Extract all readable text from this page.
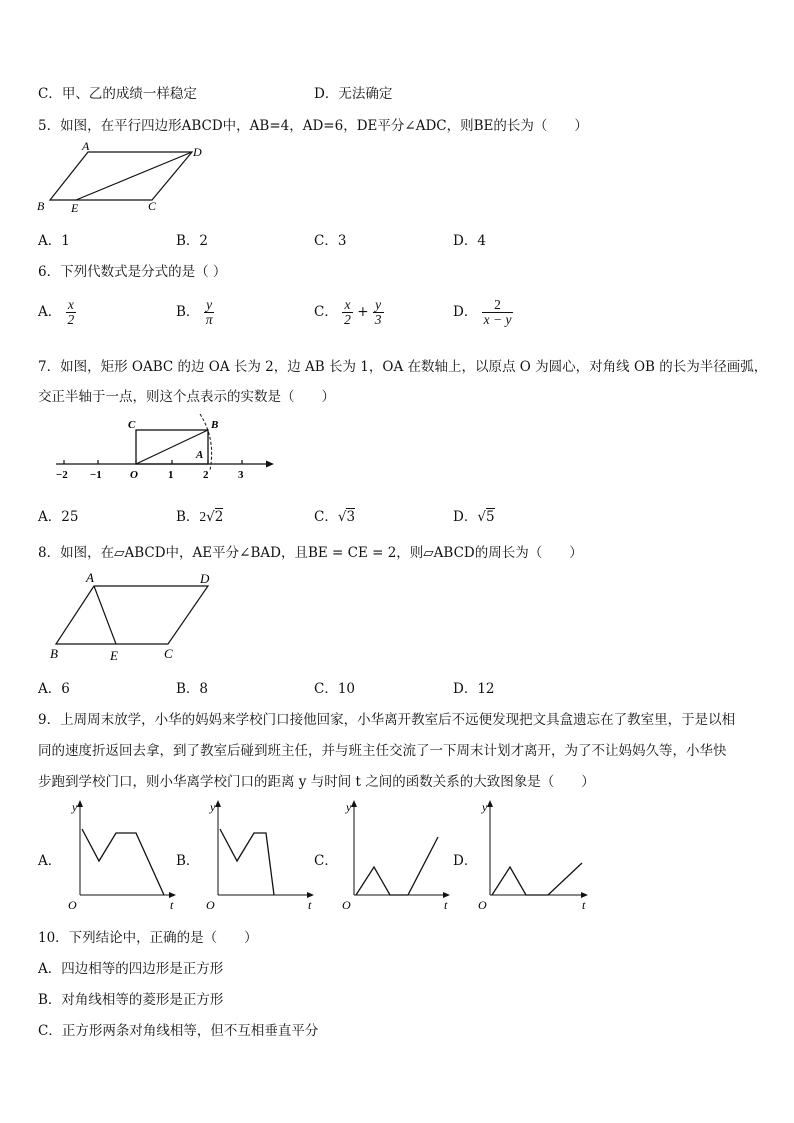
C．甲、乙的成绩一样稳定	D．无法确定
5．如图，在平行四边形ABCD中，AB=4，AD=6，DE平分∠ADC，则BE的长为（　　）
A	D
B E	C
A．1	B．2	C．3	D．4
6．下列代数式是分式的是（ ）
A． $\frac{x}{2}$	B． $\frac{y}{\pi}$	C． $\frac{x}{2} + \frac{y}{3}$	D． $\frac{2}{x - y}$
7．如图，矩形 OABC 的边 OA 长为 2，边 AB 长为 1，OA 在数轴上，以原点 O 为圆心，对角线 OB 的长为半径画弧，
交正半轴于一点，则这个点表示的实数是（　　）
C	B
A
−2 −1	O	1	2	3
A．25	B．2√2	C．√3	D．√5
8．如图，在▱ABCD中，AE平分∠BAD，且BE = CE = 2，则▱ABCD的周长为（　　）
A	D
B	E	C
A．6	B．8	C．10	D．12
9．上周周末放学，小华的妈妈来学校门口接他回家，小华离开教室后不远便发现把文具盒遗忘在了教室里，于是以相
同的速度折返回去拿，到了教室后碰到班主任，并与班主任交流了一下周末计划才离开，为了不让妈妈久等，小华快
步跑到学校门口，则小华离学校门口的距离 y 与时间 t 之间的函数关系的大致图象是（　　）
A．
y
t
O
B．
y
t
O
C．
y
t
O
D．
y
t
O
10．下列结论中，正确的是（　　）
A．四边相等的四边形是正方形
B．对角线相等的菱形是正方形
C．正方形两条对角线相等，但不互相垂直平分
